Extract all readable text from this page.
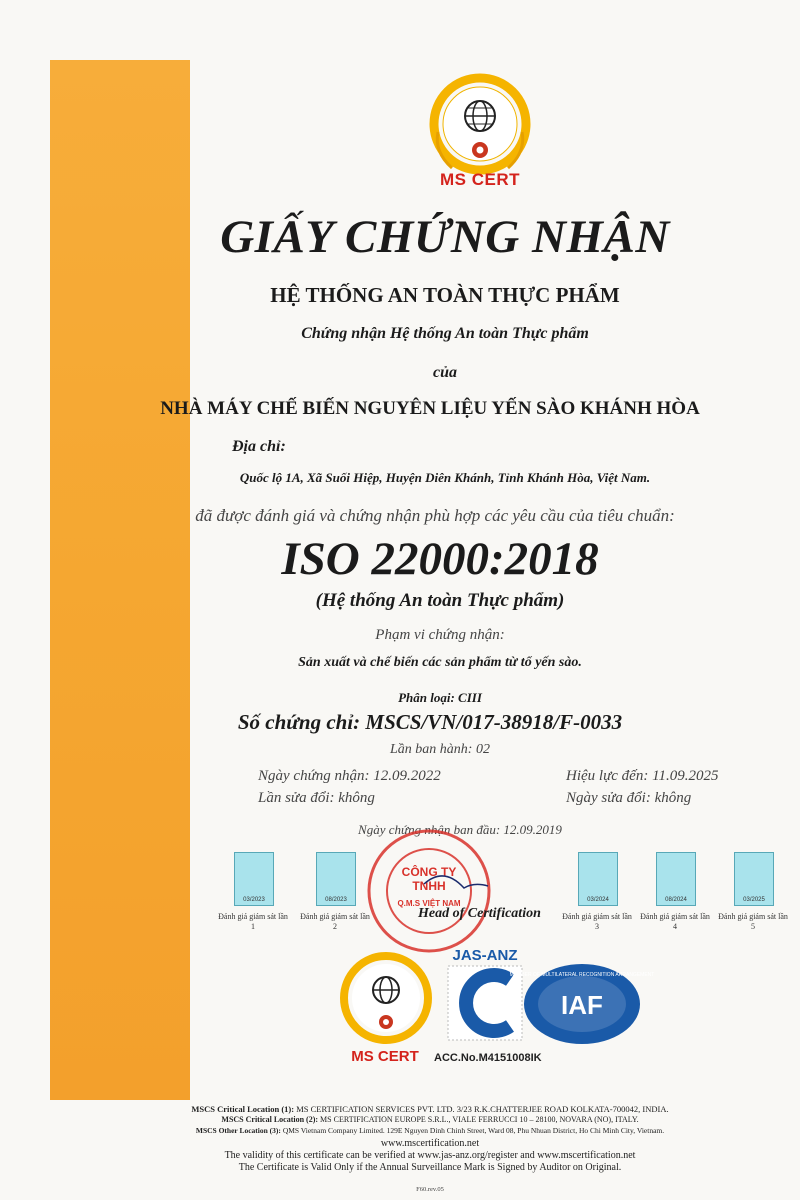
MS CERT
GIẤY CHỨNG NHẬN
HỆ THỐNG AN TOÀN THỰC PHẨM
Chứng nhận Hệ thống An toàn Thực phẩm
của
NHÀ MÁY CHẾ BIẾN NGUYÊN LIỆU YẾN SÀO KHÁNH HÒA
Địa chỉ:
Quốc lộ 1A, Xã Suối Hiệp, Huyện Diên Khánh, Tỉnh Khánh Hòa, Việt Nam.
đã được đánh giá và chứng nhận phù hợp các yêu cầu của tiêu chuẩn:
ISO 22000:2018
(Hệ thống An toàn Thực phẩm)
Phạm vi chứng nhận:
Sản xuất và chế biến các sản phẩm từ tổ yến sào.
Phân loại: CIII
Số chứng chỉ: MSCS/VN/017-38918/F-0033
Lần ban hành: 02
Ngày chứng nhận: 12.09.2022	Hiệu lực đến: 11.09.2025
Lần sửa đổi: không	Ngày sửa đổi: không
Ngày chứng nhận ban đầu: 12.09.2019
03/2023
Đánh giá giám sát lần 1
08/2023
Đánh giá giám sát lần 2
03/2024
Đánh giá giám sát lần 3
08/2024
Đánh giá giám sát lần 4
03/2025
Đánh giá giám sát lần 5
CÔNG TY
TNHH
Q.M.S VIỆT NAM
Head of Certification
MS CERT
JAS-ANZ
IAF
MEMBER OF MULTILATERAL RECOGNITION ARRANGEMENT
ACC.No.M4151008IK
MSCS Critical Location (1): MS CERTIFICATION SERVICES PVT. LTD. 3/23 R.K.CHATTERJEE ROAD KOLKATA-700042, INDIA.
MSCS Critical Location (2): MS CERTIFICATION EUROPE S.R.L., VIALE FERRUCCI 10 – 28100, NOVARA (NO), ITALY.
MSCS Other Location (3): QMS Vietnam Company Limited. 129E Nguyen Dinh Chinh Street, Ward 08, Phu Nhuan District, Ho Chi Minh City, Vietnam.
www.mscertification.net
The validity of this certificate can be verified at www.jas-anz.org/register and www.mscertification.net
The Certificate is Valid Only if the Annual Surveillance Mark is Signed by Auditor on Original.
F60.rev.05
